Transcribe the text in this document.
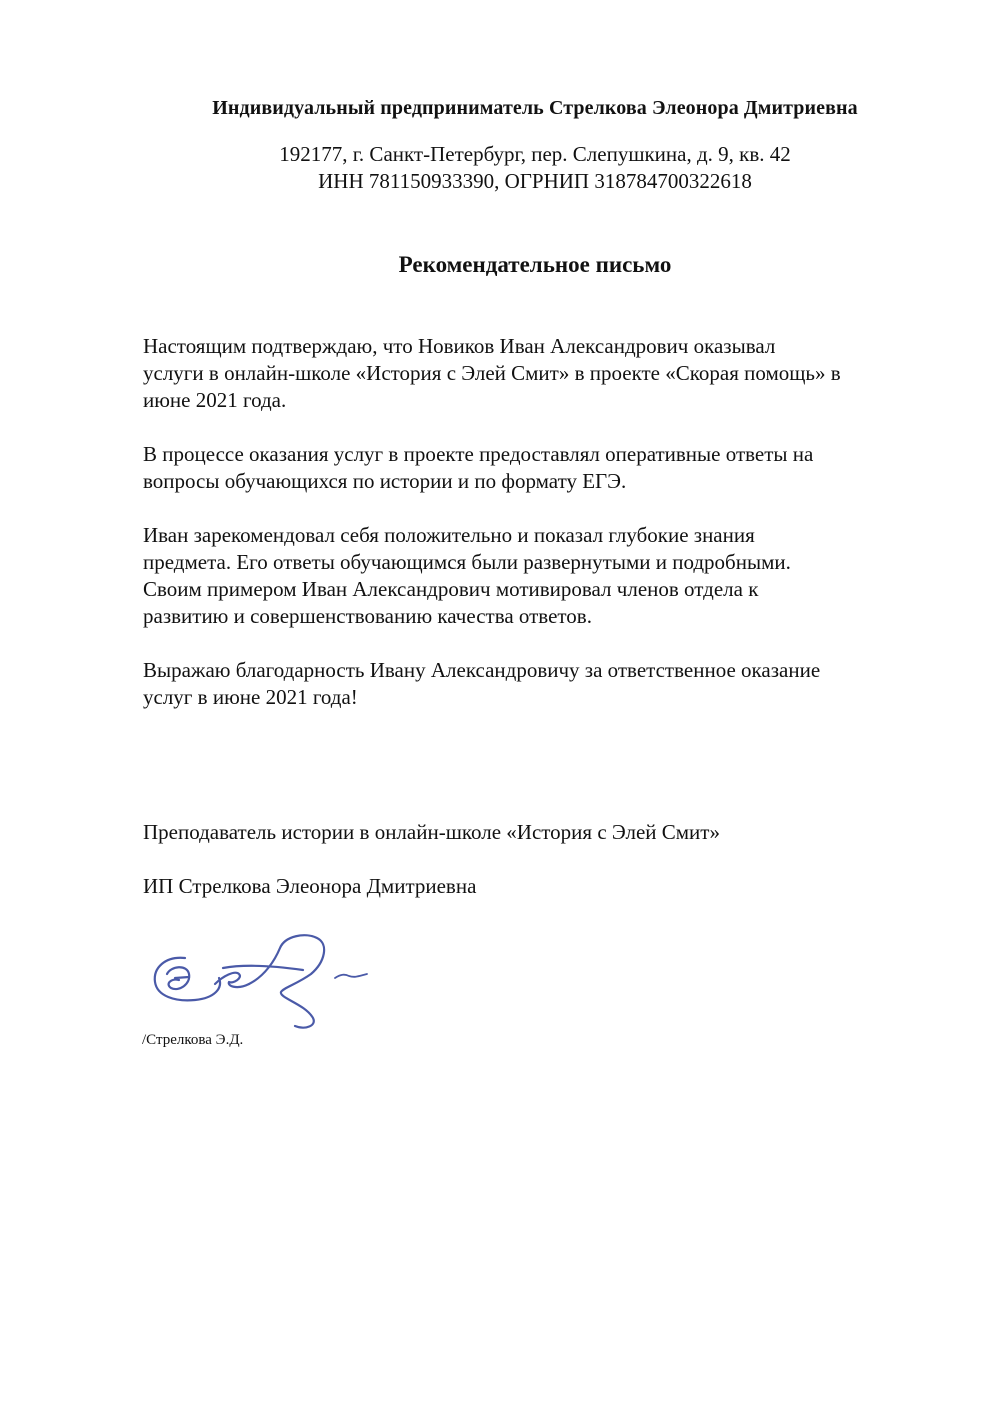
Индивидуальный предприниматель Стрелкова Элеонора Дмитриевна
192177, г. Санкт-Петербург, пер. Слепушкина, д. 9, кв. 42
ИНН 781150933390, ОГРНИП 318784700322618
Рекомендательное письмо

Настоящим подтверждаю, что Новиков Иван Александрович оказывал

услуги в онлайн-школе «История с Элей Смит» в проекте «Скорая помощь» в

июне 2021 года.

В процессе оказания услуг в проекте предоставлял оперативные ответы на

вопросы обучающихся по истории и по формату ЕГЭ.

Иван зарекомендовал себя положительно и показал глубокие знания

предмета. Его ответы обучающимся были развернутыми и подробными.

Своим примером Иван Александрович мотивировал членов отдела к

развитию и совершенствованию качества ответов.

Выражаю благодарность Ивану Александровичу за ответственное оказание

услуг в июне 2021 года!

Преподаватель истории в онлайн-школе «История с Элей Смит»
ИП Стрелкова Элеонора Дмитриевна
/Стрелкова Э.Д.
